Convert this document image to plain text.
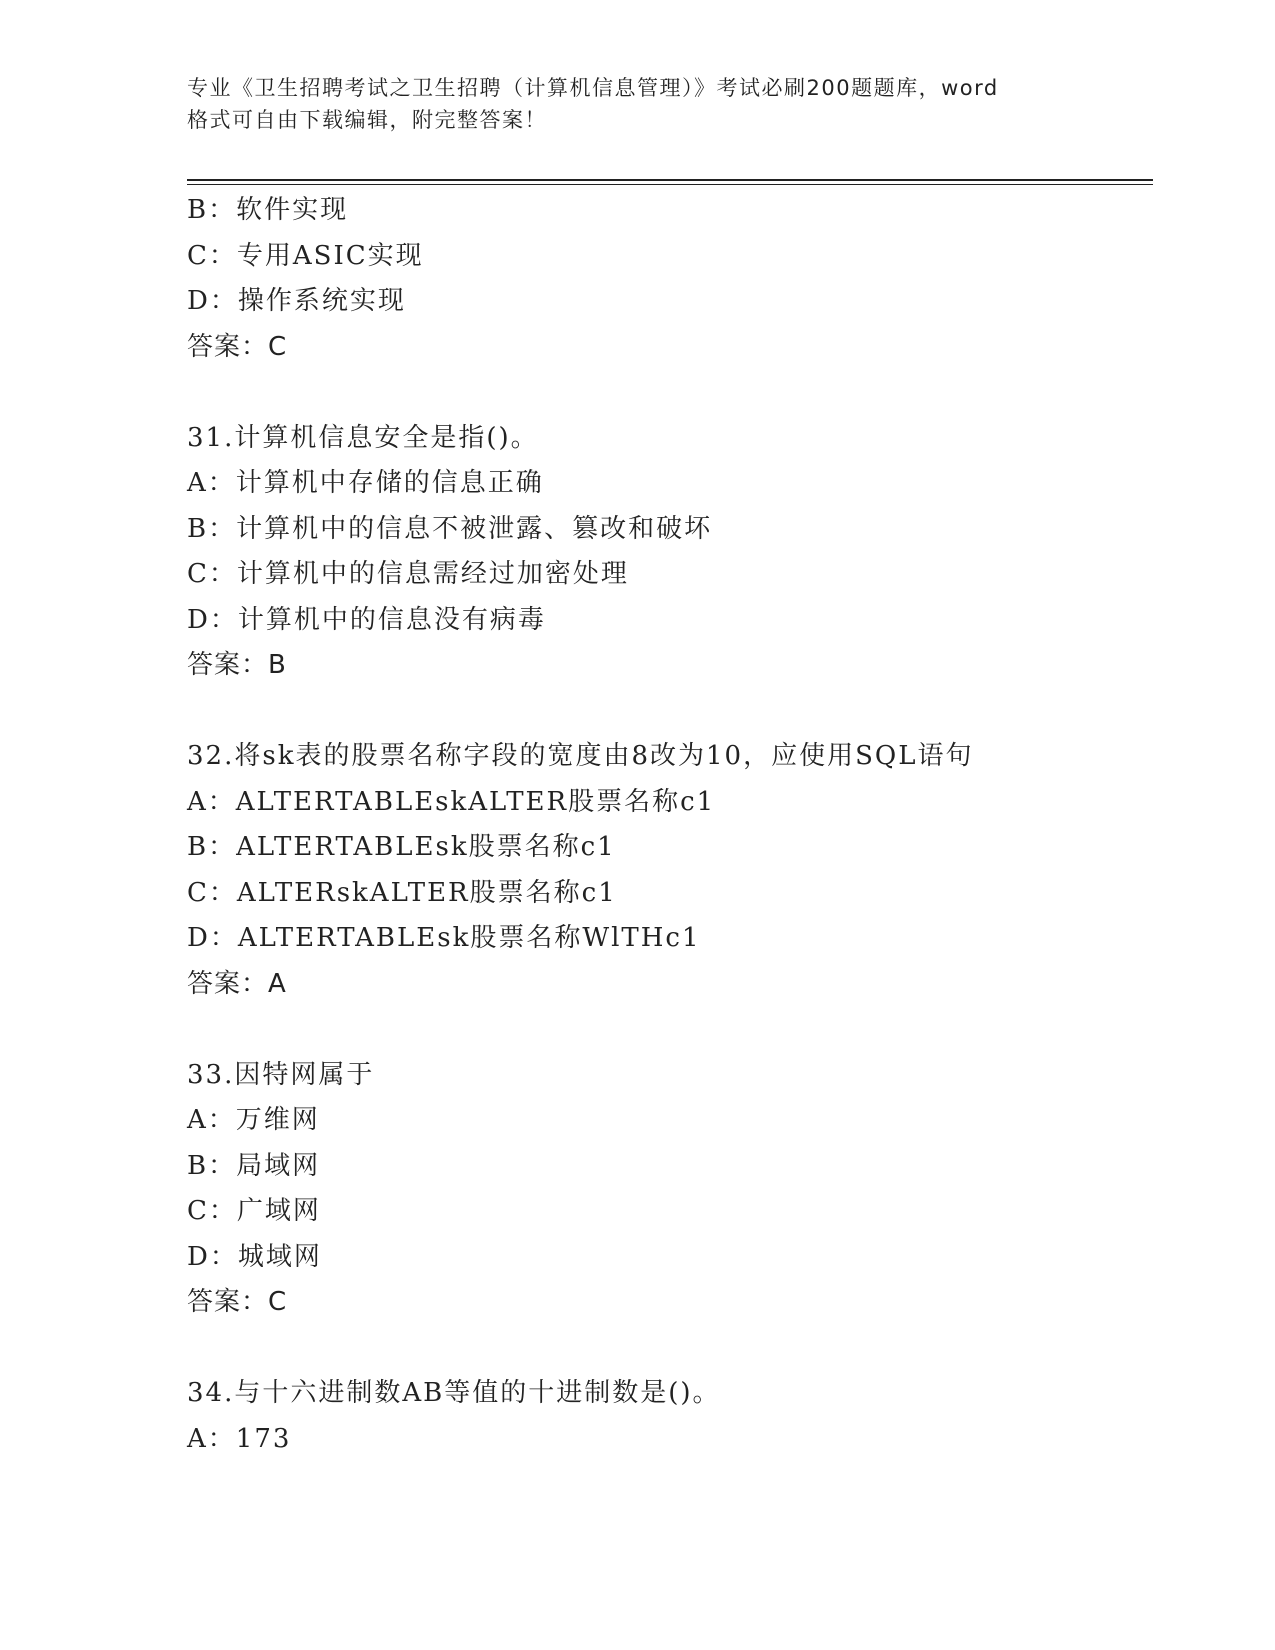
专业《卫生招聘考试之卫生招聘（计算机信息管理）》考试必刷200题题库，word
格式可自由下载编辑，附完整答案！
B：软件实现
C：专用ASIC实现
D：操作系统实现
答案：C
31.计算机信息安全是指()。
A：计算机中存储的信息正确
B：计算机中的信息不被泄露、篡改和破坏
C：计算机中的信息需经过加密处理
D：计算机中的信息没有病毒
答案：B
32.将sk表的股票名称字段的宽度由8改为10，应使用SQL语句
A：ALTERTABLEskALTER股票名称c1
B：ALTERTABLEsk股票名称c1
C：ALTERskALTER股票名称c1
D：ALTERTABLEsk股票名称WlTHc1
答案：A
33.因特网属于
A：万维网
B：局域网
C：广域网
D：城域网
答案：C
34.与十六进制数AB等值的十进制数是()。
A：173
